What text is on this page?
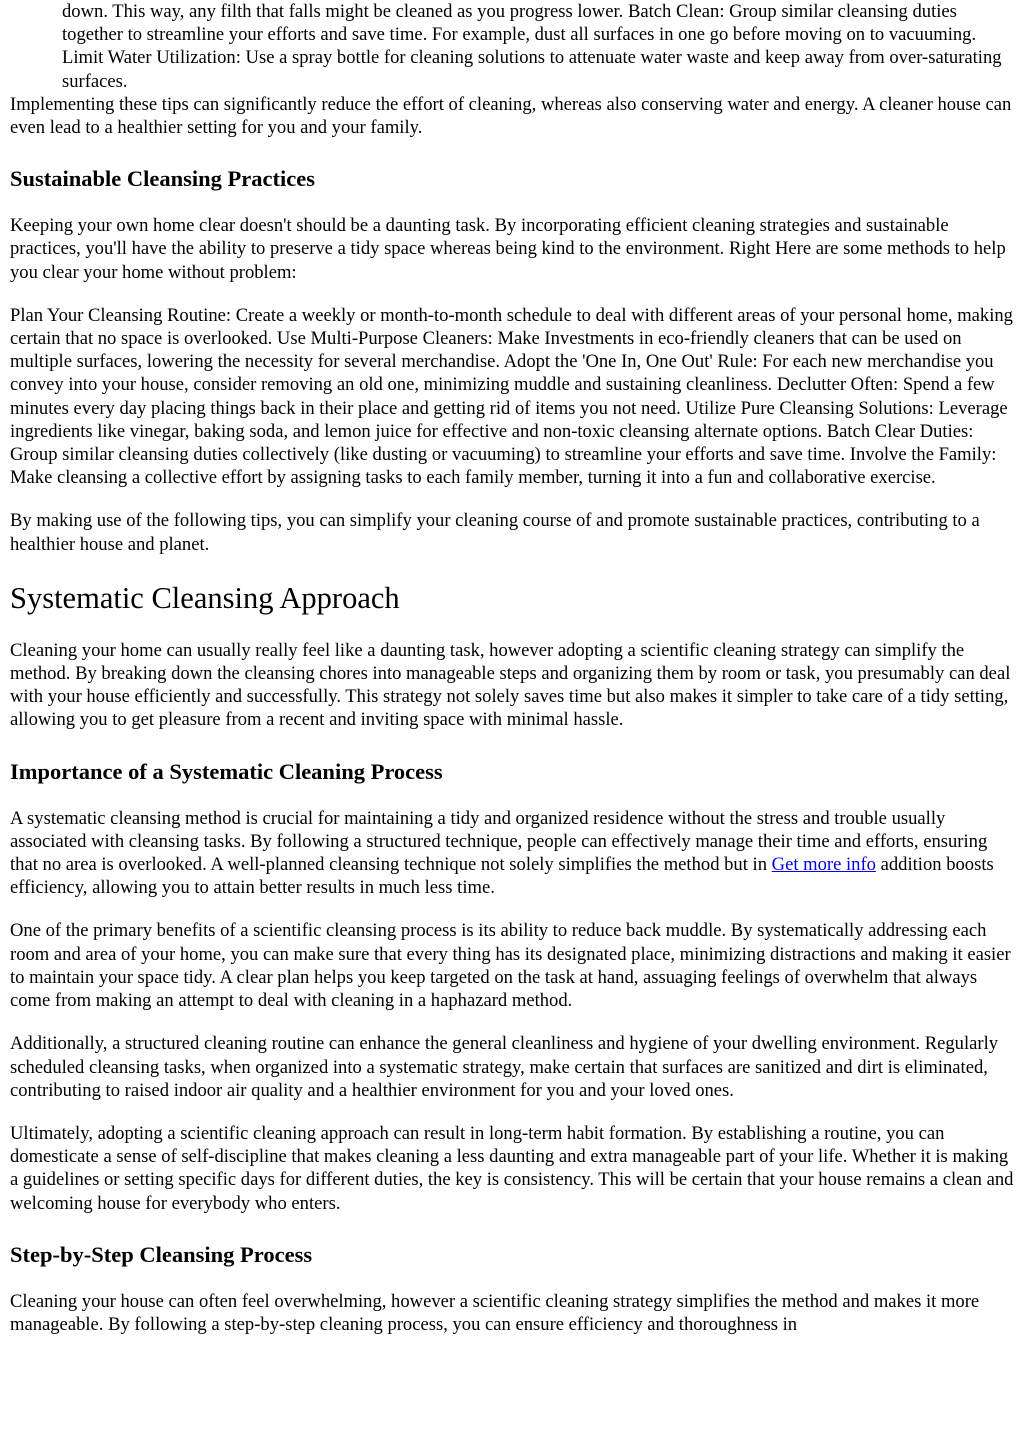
down. This way, any filth that falls might be cleaned as you progress lower. Batch Clean: Group similar cleansing duties together to streamline your efforts and save time. For example, dust all surfaces in one go before moving on to vacuuming. Limit Water Utilization: Use a spray bottle for cleaning solutions to attenuate water waste and keep away from over-saturating surfaces.

Implementing these tips can significantly reduce the effort of cleaning, whereas also conserving water and energy. A cleaner house can even lead to a healthier setting for you and your family.

Sustainable Cleansing Practices

Keeping your own home clear doesn't should be a daunting task. By incorporating efficient cleaning strategies and sustainable practices, you'll have the ability to preserve a tidy space whereas being kind to the environment. Right Here are some methods to help you clear your home without problem:

Plan Your Cleansing Routine: Create a weekly or month-to-month schedule to deal with different areas of your personal home, making certain that no space is overlooked. Use Multi-Purpose Cleaners: Make Investments in eco-friendly cleaners that can be used on multiple surfaces, lowering the necessity for several merchandise. Adopt the 'One In, One Out' Rule: For each new merchandise you convey into your house, consider removing an old one, minimizing muddle and sustaining cleanliness. Declutter Often: Spend a few minutes every day placing things back in their place and getting rid of items you not need. Utilize Pure Cleansing Solutions: Leverage ingredients like vinegar, baking soda, and lemon juice for effective and non-toxic cleansing alternate options. Batch Clear Duties: Group similar cleansing duties collectively (like dusting or vacuuming) to streamline your efforts and save time. Involve the Family: Make cleansing a collective effort by assigning tasks to each family member, turning it into a fun and collaborative exercise.

By making use of the following tips, you can simplify your cleaning course of and promote sustainable practices, contributing to a healthier house and planet.

Systematic Cleansing Approach

Cleaning your home can usually really feel like a daunting task, however adopting a scientific cleaning strategy can simplify the method. By breaking down the cleansing chores into manageable steps and organizing them by room or task, you presumably can deal with your house efficiently and successfully. This strategy not solely saves time but also makes it simpler to take care of a tidy setting, allowing you to get pleasure from a recent and inviting space with minimal hassle.

Importance of a Systematic Cleaning Process

A systematic cleansing method is crucial for maintaining a tidy and organized residence without the stress and trouble usually associated with cleansing tasks. By following a structured technique, people can effectively manage their time and efforts, ensuring that no area is overlooked. A well-planned cleansing technique not solely simplifies the method but in Get more info addition boosts efficiency, allowing you to attain better results in much less time.

One of the primary benefits of a scientific cleansing process is its ability to reduce back muddle. By systematically addressing each room and area of your home, you can make sure that every thing has its designated place, minimizing distractions and making it easier to maintain your space tidy. A clear plan helps you keep targeted on the task at hand, assuaging feelings of overwhelm that always come from making an attempt to deal with cleaning in a haphazard method.

Additionally, a structured cleaning routine can enhance the general cleanliness and hygiene of your dwelling environment. Regularly scheduled cleansing tasks, when organized into a systematic strategy, make certain that surfaces are sanitized and dirt is eliminated, contributing to raised indoor air quality and a healthier environment for you and your loved ones.

Ultimately, adopting a scientific cleaning approach can result in long-term habit formation. By establishing a routine, you can domesticate a sense of self-discipline that makes cleaning a less daunting and extra manageable part of your life. Whether it is making a guidelines or setting specific days for different duties, the key is consistency. This will be certain that your house remains a clean and welcoming house for everybody who enters.

Step-by-Step Cleansing Process

Cleaning your house can often feel overwhelming, however a scientific cleaning strategy simplifies the method and makes it more manageable. By following a step-by-step cleaning process, you can ensure efficiency and thoroughness in
